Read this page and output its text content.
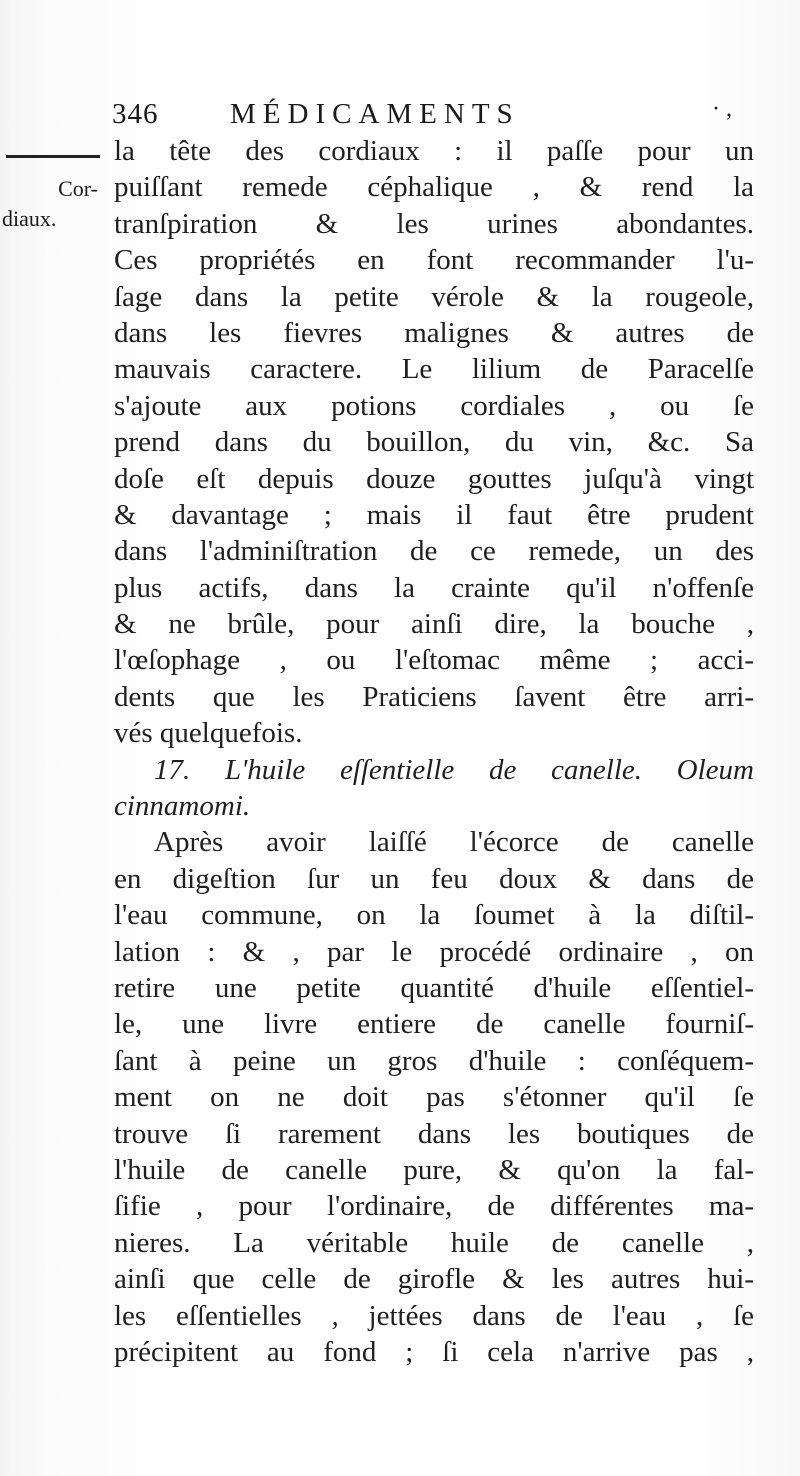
346 MÉDICAMENTS	· ,
Cor-
diaux.
la tête des cordiaux : il paſſe pour un
puiſſant remede céphalique , & rend la
tranſpiration & les urines abondantes.
Ces propriétés en font recommander l'u-
ſage dans la petite vérole & la rougeole,
dans les fievres malignes & autres de
mauvais caractere. Le lilium de Paracelſe
s'ajoute aux potions cordiales , ou ſe
prend dans du bouillon, du vin, &c. Sa
doſe eſt depuis douze gouttes juſqu'à vingt
& davantage ; mais il faut être prudent
dans l'adminiſtration de ce remede, un des
plus actifs, dans la crainte qu'il n'offenſe
& ne brûle, pour ainſi dire, la bouche ,
l'œſophage , ou l'eſtomac même ; acci-
dents que les Praticiens ſavent être arri-
vés quelquefois.
17. L'huile eſſentielle de canelle. Oleum
cinnamomi.
Après avoir laiſſé l'écorce de canelle
en digeſtion ſur un feu doux & dans de
l'eau commune, on la ſoumet à la diſtil-
lation : & , par le procédé ordinaire , on
retire une petite quantité d'huile eſſentiel-
le, une livre entiere de canelle fourniſ-
ſant à peine un gros d'huile : conſéquem-
ment on ne doit pas s'étonner qu'il ſe
trouve ſi rarement dans les boutiques de
l'huile de canelle pure, & qu'on la fal-
ſifie , pour l'ordinaire, de différentes ma-
nieres. La véritable huile de canelle ,
ainſi que celle de girofle & les autres hui-
les eſſentielles , jettées dans de l'eau , ſe
précipitent au fond ; ſi cela n'arrive pas ,
